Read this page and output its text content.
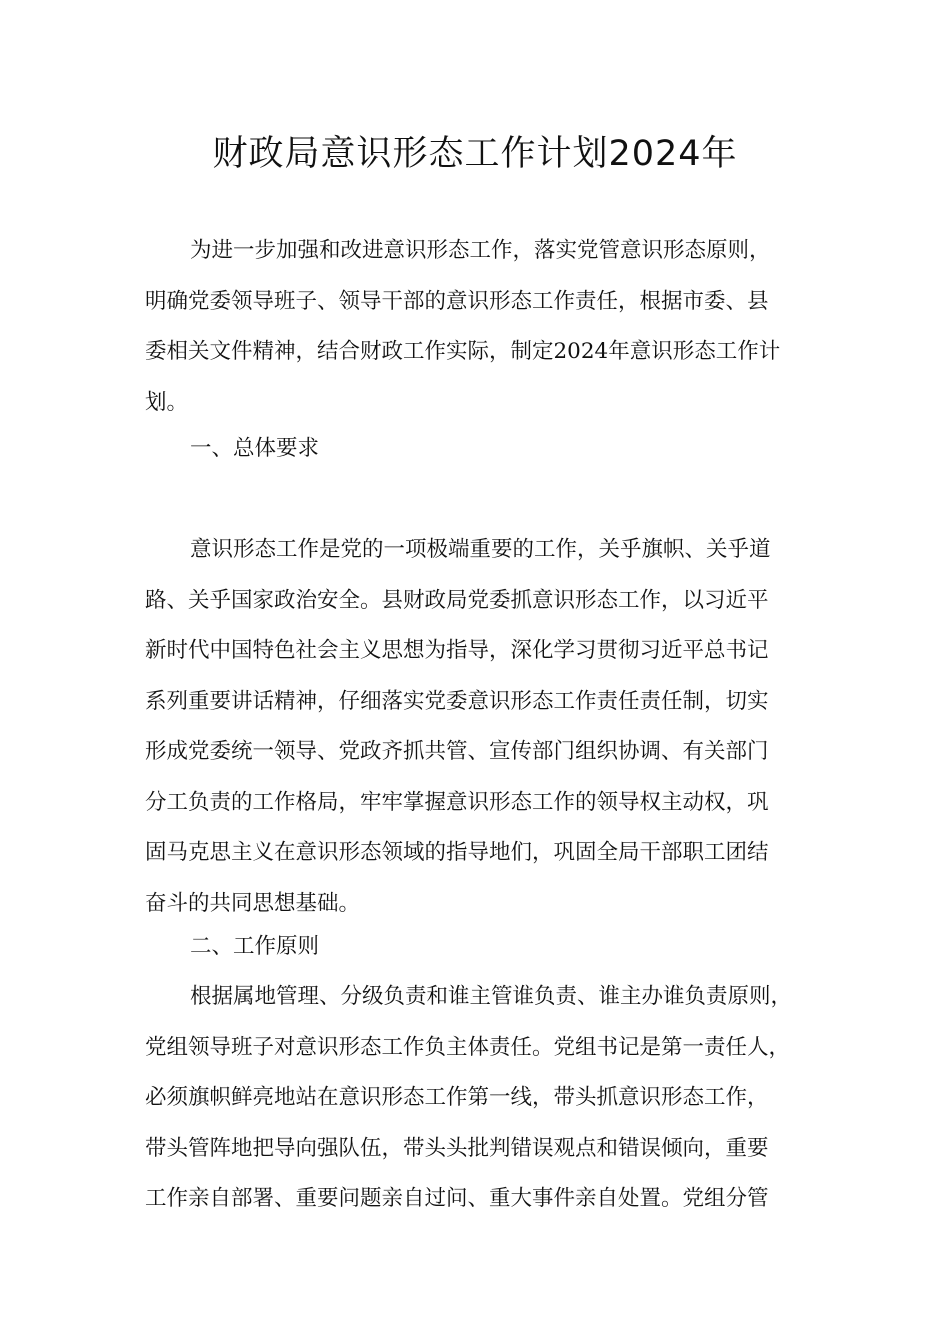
财政局意识形态工作计划2024年
为进一步加强和改进意识形态工作，落实党管意识形态原则，
明确党委领导班子、领导干部的意识形态工作责任，根据市委、县
委相关文件精神，结合财政工作实际，制定2024年意识形态工作计
划。
一、总体要求
意识形态工作是党的一项极端重要的工作，关乎旗帜、关乎道
路、关乎国家政治安全。县财政局党委抓意识形态工作，以习近平
新时代中国特色社会主义思想为指导，深化学习贯彻习近平总书记
系列重要讲话精神，仔细落实党委意识形态工作责任责任制，切实
形成党委统一领导、党政齐抓共管、宣传部门组织协调、有关部门
分工负责的工作格局，牢牢掌握意识形态工作的领导权主动权，巩
固马克思主义在意识形态领域的指导地们，巩固全局干部职工团结
奋斗的共同思想基础。
二、工作原则
根据属地管理、分级负责和谁主管谁负责、谁主办谁负责原则，
党组领导班子对意识形态工作负主体责任。党组书记是第一责任人，
必须旗帜鲜亮地站在意识形态工作第一线，带头抓意识形态工作，
带头管阵地把导向强队伍，带头头批判错误观点和错误倾向，重要
工作亲自部署、重要问题亲自过问、重大事件亲自处置。党组分管
